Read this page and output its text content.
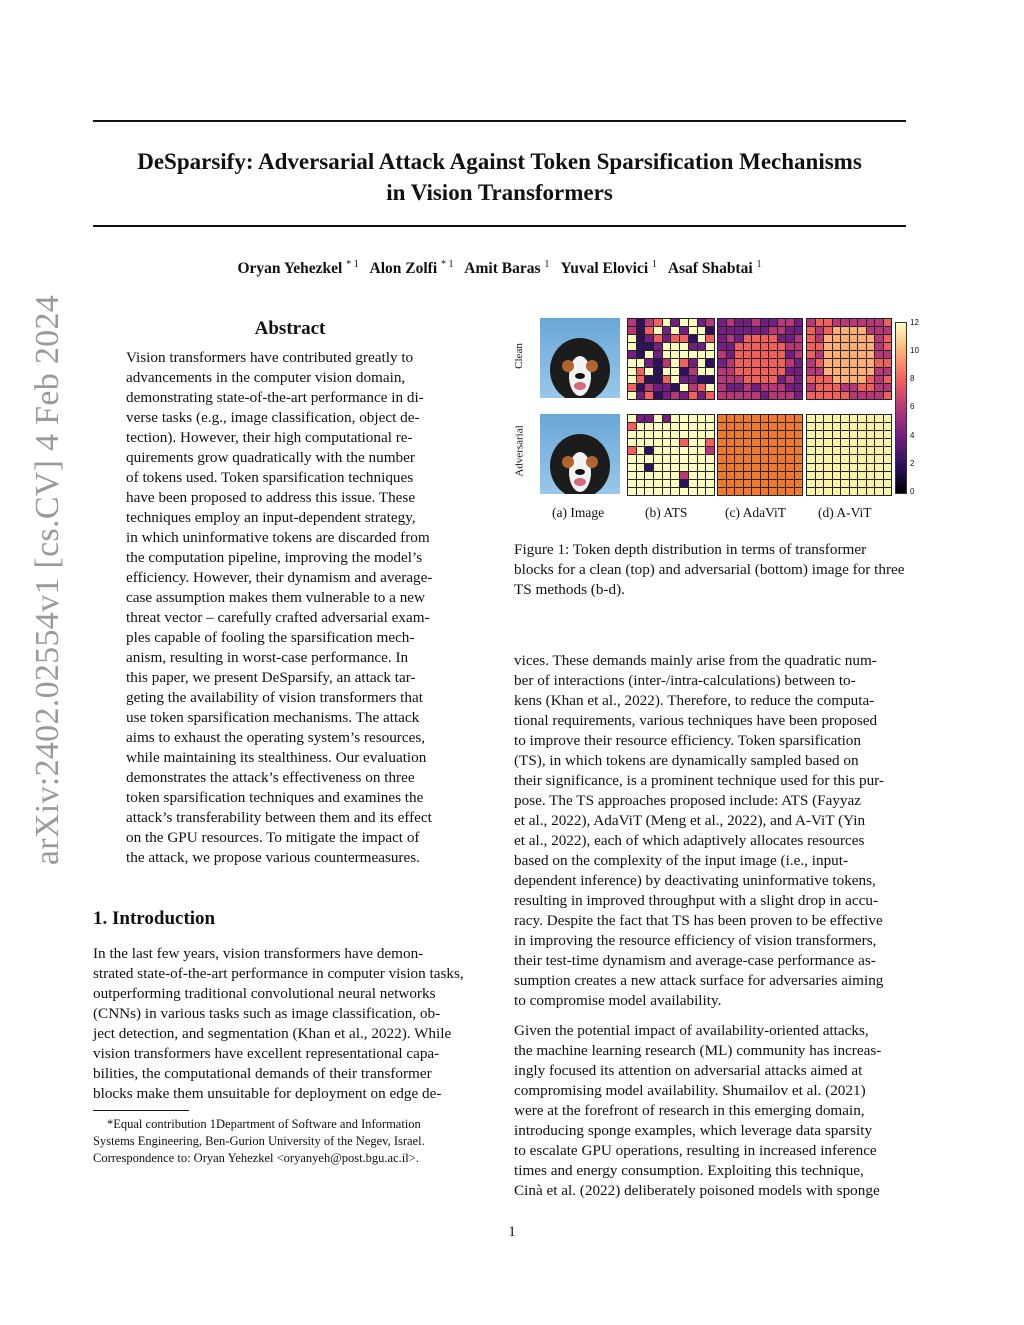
arXiv:2402.02554v1 [cs.CV] 4 Feb 2024
DeSparsify: Adversarial Attack Against Token Sparsification Mechanisms
in Vision Transformers
Oryan Yehezkel $^{* 1}$ Alon Zolfi $^{* 1}$ Amit Baras $^1$ Yuval Elovici $^1$ Asaf Shabtai $^1$
Abstract
Vision transformers have contributed greatly to
advancements in the computer vision domain,
demonstrating state-of-the-art performance in di-
verse tasks (e.g., image classification, object de-
tection). However, their high computational re-
quirements grow quadratically with the number
of tokens used. Token sparsification techniques
have been proposed to address this issue. These
techniques employ an input-dependent strategy,
in which uninformative tokens are discarded from
the computation pipeline, improving the model’s
efficiency. However, their dynamism and average-
case assumption makes them vulnerable to a new
threat vector – carefully crafted adversarial exam-
ples capable of fooling the sparsification mech-
anism, resulting in worst-case performance. In
this paper, we present DeSparsify, an attack tar-
geting the availability of vision transformers that
use token sparsification mechanisms. The attack
aims to exhaust the operating system’s resources,
while maintaining its stealthiness. Our evaluation
demonstrates the attack’s effectiveness on three
token sparsification techniques and examines the
attack’s transferability between them and its effect
on the GPU resources. To mitigate the impact of
the attack, we propose various countermeasures.
1. Introduction
In the last few years, vision transformers have demon-
strated state-of-the-art performance in computer vision tasks,
outperforming traditional convolutional neural networks
(CNNs) in various tasks such as image classification, ob-
ject detection, and segmentation (Khan et al., 2022). While
vision transformers have excellent representational capa-
bilities, the computational demands of their transformer
blocks make them unsuitable for deployment on edge de-

*Equal contribution 1Department of Software and Information

Systems Engineering, Ben-Gurion University of the Negev, Israel.

Correspondence to: Oryan Yehezkel <oryanyeh@post.bgu.ac.il>.

Clean
Adversarial
12
10
8
6
4
2
0
(a) Image	(b) ATS	(c) AdaViT (d) A-ViT
Figure 1: Token depth distribution in terms of transformer blocks for a clean (top) and adversarial (bottom) image for three TS methods (b-d).
vices. These demands mainly arise from the quadratic num-
ber of interactions (inter-/intra-calculations) between to-
kens (Khan et al., 2022). Therefore, to reduce the computa-
tional requirements, various techniques have been proposed
to improve their resource efficiency. Token sparsification
(TS), in which tokens are dynamically sampled based on
their significance, is a prominent technique used for this pur-
pose. The TS approaches proposed include: ATS (Fayyaz
et al., 2022), AdaViT (Meng et al., 2022), and A-ViT (Yin
et al., 2022), each of which adaptively allocates resources
based on the complexity of the input image (i.e., input-
dependent inference) by deactivating uninformative tokens,
resulting in improved throughput with a slight drop in accu-
racy. Despite the fact that TS has been proven to be effective
in improving the resource efficiency of vision transformers,
their test-time dynamism and average-case performance as-
sumption creates a new attack surface for adversaries aiming
to compromise model availability.
Given the potential impact of availability-oriented attacks,
the machine learning research (ML) community has increas-
ingly focused its attention on adversarial attacks aimed at
compromising model availability. Shumailov et al. (2021)
were at the forefront of research in this emerging domain,
introducing sponge examples, which leverage data sparsity
to escalate GPU operations, resulting in increased inference
times and energy consumption. Exploiting this technique,
Cinà et al. (2022) deliberately poisoned models with sponge
1
